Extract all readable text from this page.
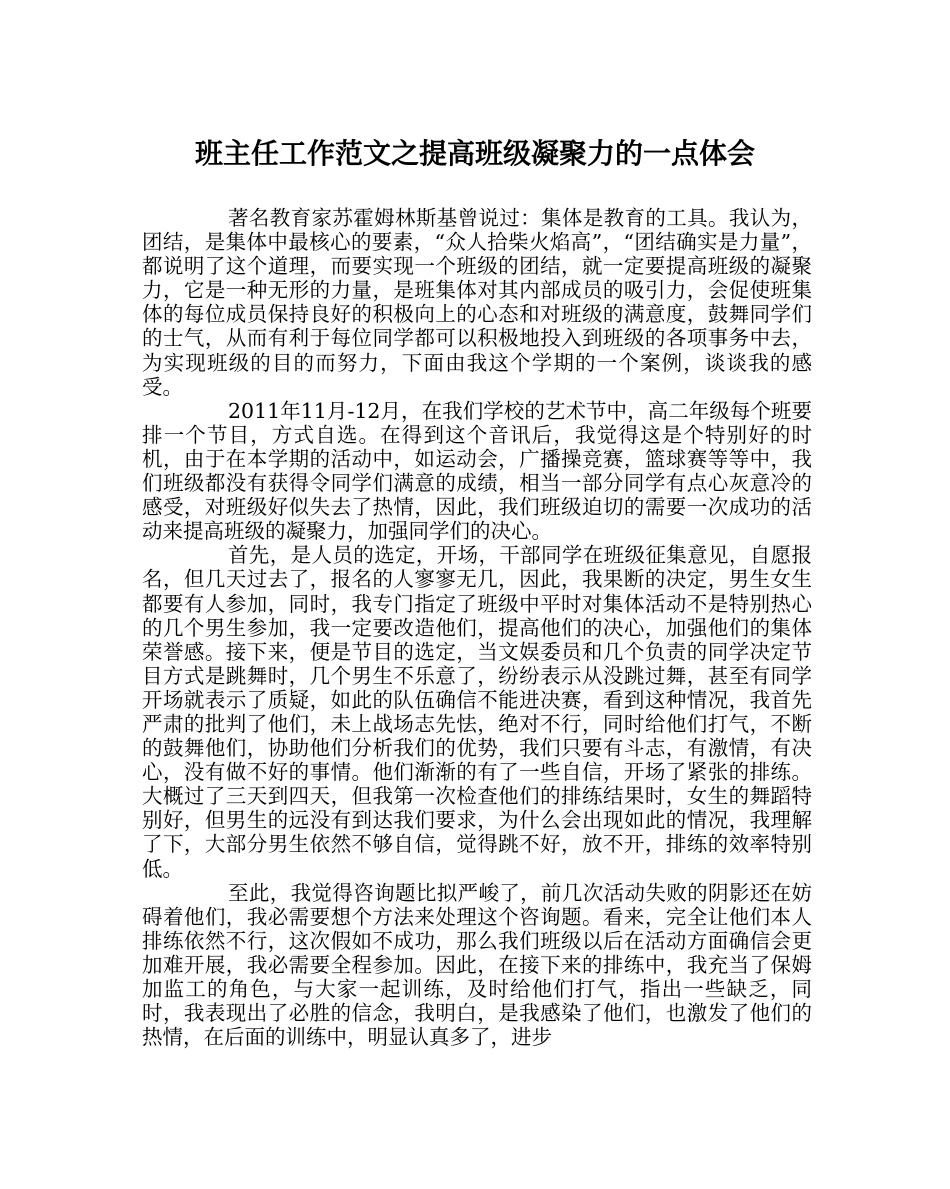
班主任工作范文之提高班级凝聚力的一点体会

著名教育家苏霍姆林斯基曾说过：集体是教育的工具。我认为，团结，是集体中最核心的要素，“众人拾柴火焰高”，“团结确实是力量”，都说明了这个道理，而要实现一个班级的团结，就一定要提高班级的凝聚力，它是一种无形的力量，是班集体对其内部成员的吸引力，会促使班集体的每位成员保持良好的积极向上的心态和对班级的满意度，鼓舞同学们的士气，从而有利于每位同学都可以积极地投入到班级的各项事务中去，为实现班级的目的而努力，下面由我这个学期的一个案例，谈谈我的感受。

2011年11月-12月，在我们学校的艺术节中，高二年级每个班要排一个节目，方式自选。在得到这个音讯后，我觉得这是个特别好的时机，由于在本学期的活动中，如运动会，广播操竞赛，篮球赛等等中，我们班级都没有获得令同学们满意的成绩，相当一部分同学有点心灰意冷的感受，对班级好似失去了热情，因此，我们班级迫切的需要一次成功的活动来提高班级的凝聚力，加强同学们的决心。

首先，是人员的选定，开场，干部同学在班级征集意见，自愿报名，但几天过去了，报名的人寥寥无几，因此，我果断的决定，男生女生都要有人参加，同时，我专门指定了班级中平时对集体活动不是特别热心的几个男生参加，我一定要改造他们，提高他们的决心，加强他们的集体荣誉感。接下来，便是节目的选定，当文娱委员和几个负责的同学决定节目方式是跳舞时，几个男生不乐意了，纷纷表示从没跳过舞，甚至有同学开场就表示了质疑，如此的队伍确信不能进决赛，看到这种情况，我首先严肃的批判了他们，未上战场志先怯，绝对不行，同时给他们打气，不断的鼓舞他们，协助他们分析我们的优势，我们只要有斗志，有激情，有决心，没有做不好的事情。他们渐渐的有了一些自信，开场了紧张的排练。大概过了三天到四天，但我第一次检查他们的排练结果时，女生的舞蹈特别好，但男生的远没有到达我们要求，为什么会出现如此的情况，我理解了下，大部分男生依然不够自信，觉得跳不好，放不开，排练的效率特别低。

至此，我觉得咨询题比拟严峻了，前几次活动失败的阴影还在妨碍着他们，我必需要想个方法来处理这个咨询题。看来，完全让他们本人排练依然不行，这次假如不成功，那么我们班级以后在活动方面确信会更加难开展，我必需要全程参加。因此，在接下来的排练中，我充当了保姆加监工的角色，与大家一起训练，及时给他们打气，指出一些缺乏，同时，我表现出了必胜的信念，我明白，是我感染了他们，也激发了他们的热情，在后面的训练中，明显认真多了，进步
